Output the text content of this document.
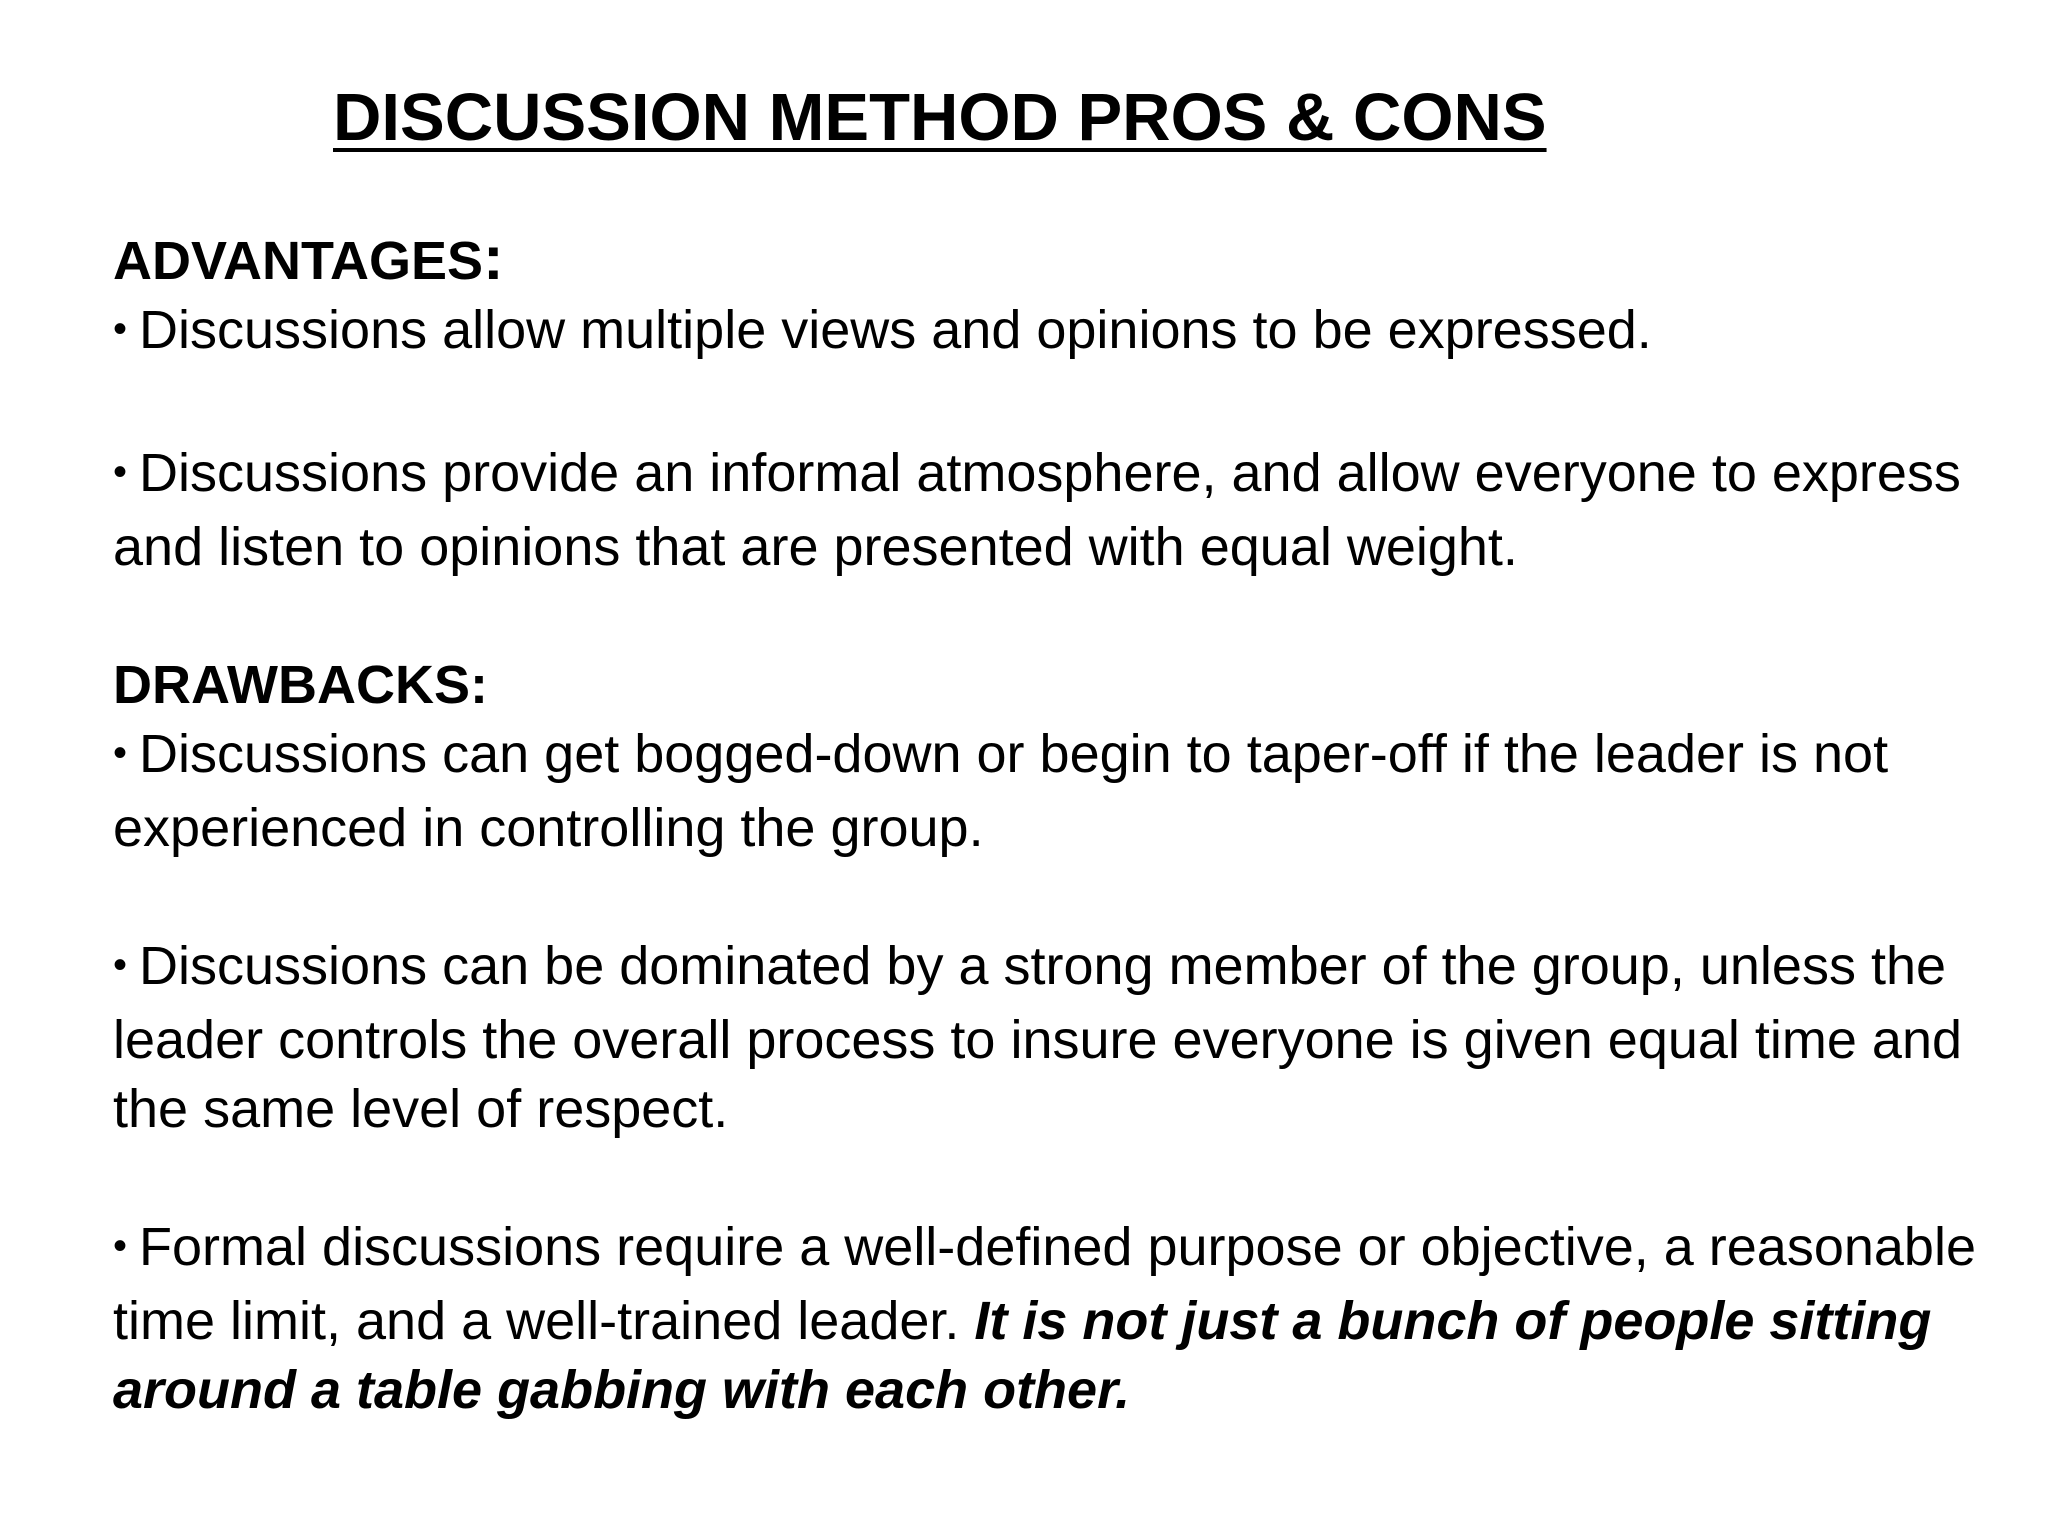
DISCUSSION METHOD PROS & CONS

ADVANTAGES:

• Discussions allow multiple views and opinions to be expressed.

• Discussions provide an informal atmosphere, and allow everyone to express and listen to opinions that are presented with equal weight.

DRAWBACKS:

• Discussions can get bogged-down or begin to taper-off if the leader is not experienced in controlling the group.

• Discussions can be dominated by a strong member of the group, unless the leader controls the overall process to insure everyone is given equal time and the same level of respect.

• Formal discussions require a well-defined purpose or objective, a reasonable time limit, and a well-trained leader. It is not just a bunch of people sitting around a table gabbing with each other.
